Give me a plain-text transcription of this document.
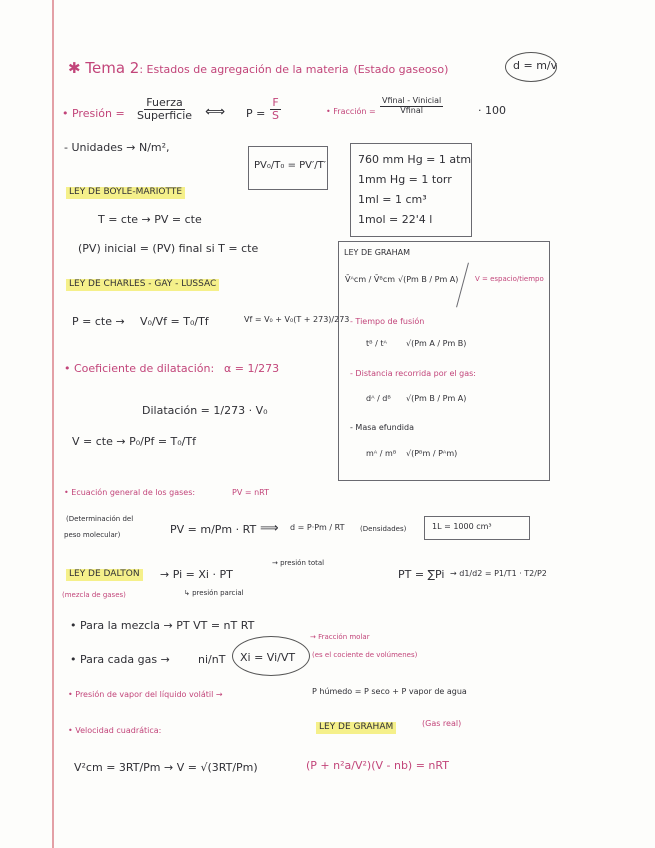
✱ Tema 2: Estados de agregación de la materia (Estado gaseoso)	d = m/v
• Presión = $\frac{\text{Fuerza}}{\text{Superficie}}$ ⟺ $P = \frac{F}{S}$	• Fracción = $\frac{\text{Vfinal - Vinicial}}{\text{Vfinal}}$	· 100
- Unidades → N/m²,
PV₀/T₀ = PV′/T′	760 mm Hg = 1 atm
1mm Hg = 1 torr
1ml = 1 cm³
1mol = 22'4 l
LEY DE BOYLE-MARIOTTE
T = cte → PV = cte
(PV) inicial = (PV) final si T = cte	LEY DE GRAHAM
V̄ᴬcm / V̄ᴮcm √(Pm B / Pm A) V = espacio/tiempo
- Tiempo de fusión
tᴮ / tᴬ √(Pm A / Pm B)
- Distancia recorrida por el gas:
dᴬ / dᴮ √(Pm B / Pm A)
- Masa efundida
mᴬ / mᴮ √(Pᴮm / Pᴬm)
LEY DE CHARLES - GAY - LUSSAC
P = cte → V₀/Vf = T₀/Tf	Vf = V₀ + V₀(T + 273)/273
• Coeficiente de dilatación: α = 1/273
Dilatación = 1/273 · V₀
V = cte → P₀/Pf = T₀/Tf
• Ecuación general de los gases:	PV = nRT
(Determinación del
peso molecular)	PV = m/Pm · RT ⟹ d = P·Pm / RT (Densidades)	1L = 1000 cm³
LEY DE DALTON
(mezcla de gases)
→ Pi = Xi · PT
→ presión total
↳ presión parcial
PT = ∑Pi → d1/d2 = P1/T1 · T2/P2
• Para la mezcla → PT VT = nT RT
• Para cada gas →	ni/nT Xi = Vi/VT
→ Fracción molar
(es el cociente de volúmenes)
• Presión de vapor del líquido volátil →	P húmedo = P seco + P vapor de agua
• Velocidad cuadrática:
V²cm = 3RT/Pm → V = √(3RT/Pm)
LEY DE GRAHAM	(Gas real)
(P + n²a/V²)(V - nb) = nRT
